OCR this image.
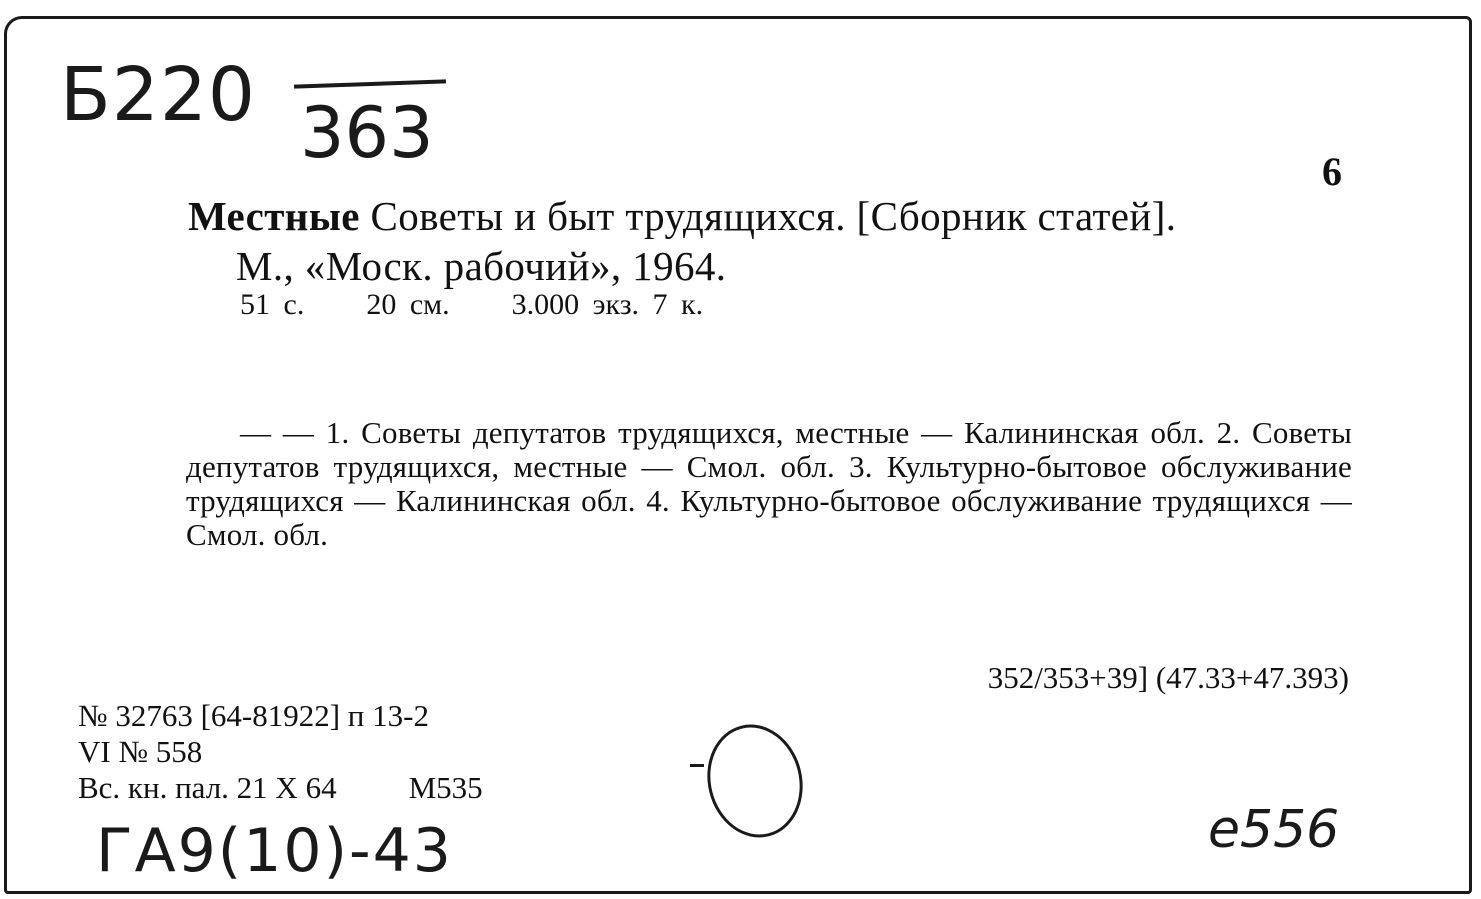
Б220 363	6
Местные Советы и быт трудящихся. [Сборник статей].
М., «Моск. рабочий», 1964.
51 с. 20 см. 3.000 экз. 7 к.
— — 1. Советы депутатов трудящихся, местные — Калининская обл. 2. Советы депутатов трудящихся, местные — Смол. обл. 3. Культурно-бытовое обслуживание трудящихся — Калининская обл. 4. Культурно-бытовое обслуживание трудящихся — Смол. обл.
352/353+39] (47.33+47.393)
№ 32763 [64-81922] п 13-2
VI № 558
Вс. кн. пал. 21 X 64 М535
ГА9(10)-43	е556
